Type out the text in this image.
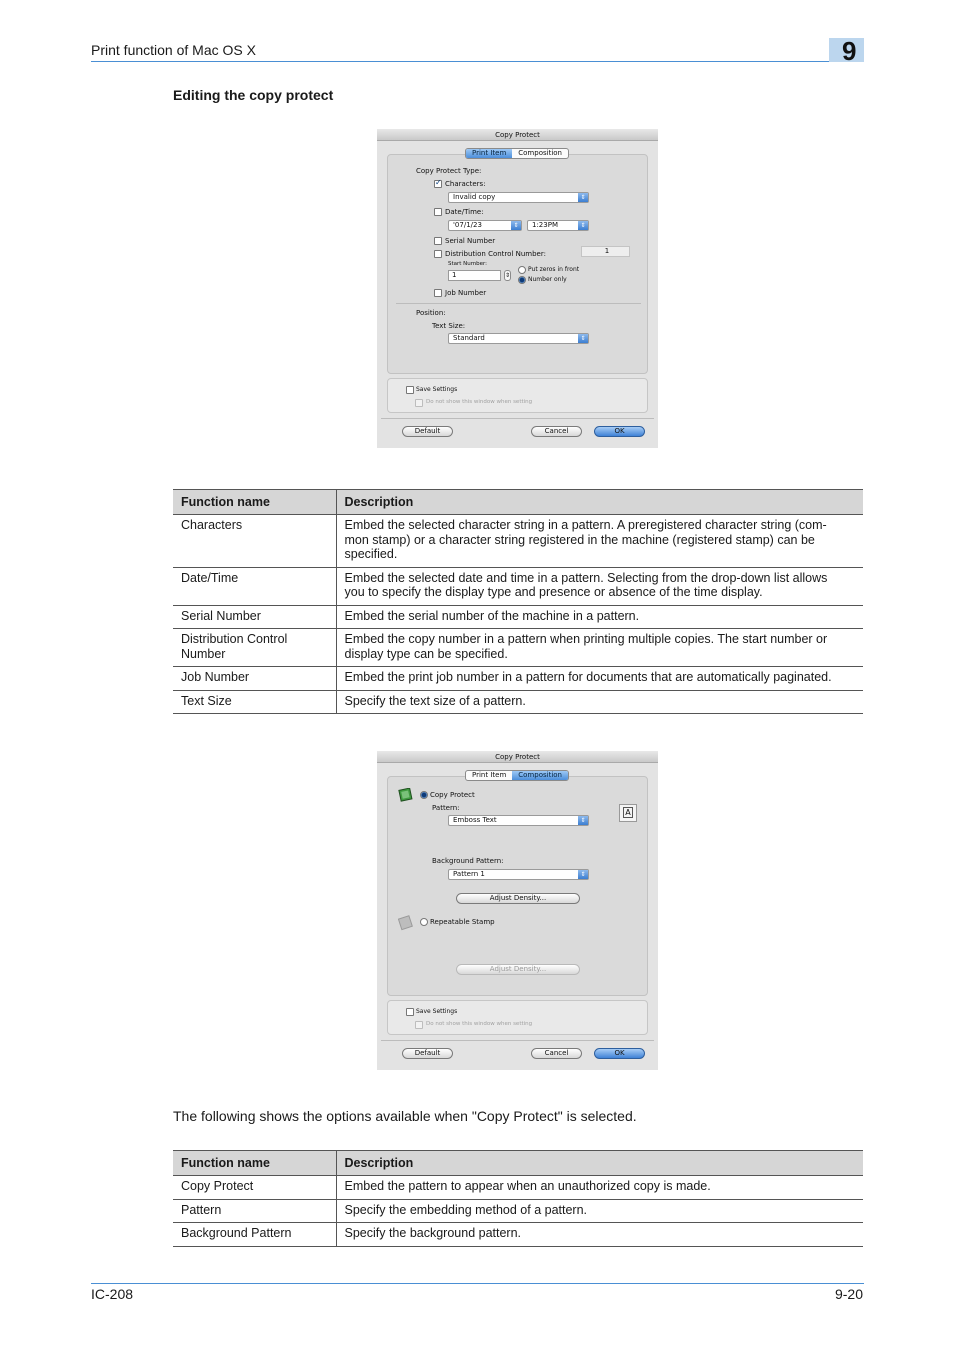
Print function of Mac OS X	9
Editing the copy protect
Copy Protect
Print Item	Composition
Copy Protect Type:
✓
Characters:
Invalid copy	⇕
Date/Time:
'07/1/23	⇕	1:23PM	⇕
Serial Number
Distribution Control Number:	1
Start Number:
1	⇕
Put zeros in front
Number only
Job Number
Position:
Text Size:
Standard	⇕
Save Settings
Do not show this window when setting
Default	Cancel	OK
Function name	Description
Characters	Embed the selected character string in a pattern. A preregistered character string (com-
mon stamp) or a character string registered in the machine (registered stamp) can be
specified.
Date/Time	Embed the selected date and time in a pattern. Selecting from the drop-down list allows
you to specify the display type and presence or absence of the time display.
Serial Number	Embed the serial number of the machine in a pattern.
Distribution Control
Number	Embed the copy number in a pattern when printing multiple copies. The start number or
display type can be specified.
Job Number	Embed the print job number in a pattern for documents that are automatically paginated.
Text Size	Specify the text size of a pattern.
Copy Protect
Print Item	Composition
Copy Protect
Pattern:
Emboss Text	⇕
A
Background Pattern:
Pattern 1	⇕
Adjust Density...
Repeatable Stamp
Adjust Density...
Save Settings
Do not show this window when setting
Default	Cancel	OK
The following shows the options available when "Copy Protect" is selected.
Function name	Description
Copy Protect	Embed the pattern to appear when an unauthorized copy is made.
Pattern	Specify the embedding method of a pattern.
Background Pattern	Specify the background pattern.
IC-208	9-20
